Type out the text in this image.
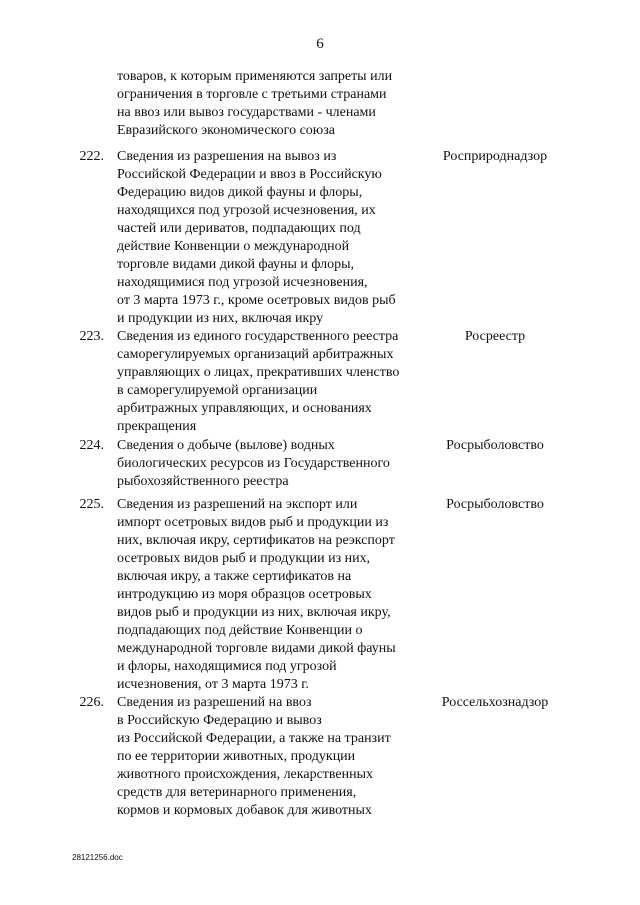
6
товаров, к которым применяются запреты или
ограничения в торговле с третьими странами
на ввоз или вывоз государствами - членами
Евразийского экономического союза
222. Сведения из разрешения на вывоз из
Российской Федерации и ввоз в Российскую
Федерацию видов дикой фауны и флоры,
находящихся под угрозой исчезновения, их
частей или дериватов, подпадающих под
действие Конвенции о международной
торговле видами дикой фауны и флоры,
находящимися под угрозой исчезновения,
от 3 марта 1973 г., кроме осетровых видов рыб
и продукции из них, включая икру
Росприроднадзор
223. Сведения из единого государственного реестра
саморегулируемых организаций арбитражных
управляющих о лицах, прекративших членство
в саморегулируемой организации
арбитражных управляющих, и основаниях
прекращения
Росреестр
224. Сведения о добыче (вылове) водных
биологических ресурсов из Государственного
рыбохозяйственного реестра
Росрыболовство
225. Сведения из разрешений на экспорт или
импорт осетровых видов рыб и продукции из
них, включая икру, сертификатов на реэкспорт
осетровых видов рыб и продукции из них,
включая икру, а также сертификатов на
интродукцию из моря образцов осетровых
видов рыб и продукции из них, включая икру,
подпадающих под действие Конвенции о
международной торговле видами дикой фауны
и флоры, находящимися под угрозой
исчезновения, от 3 марта 1973 г.
Росрыболовство
226. Сведения из разрешений на ввоз
в Российскую Федерацию и вывоз
из Российской Федерации, а также на транзит
по ее территории животных, продукции
животного происхождения, лекарственных
средств для ветеринарного применения,
кормов и кормовых добавок для животных
Россельхознадзор
28121256.doc
